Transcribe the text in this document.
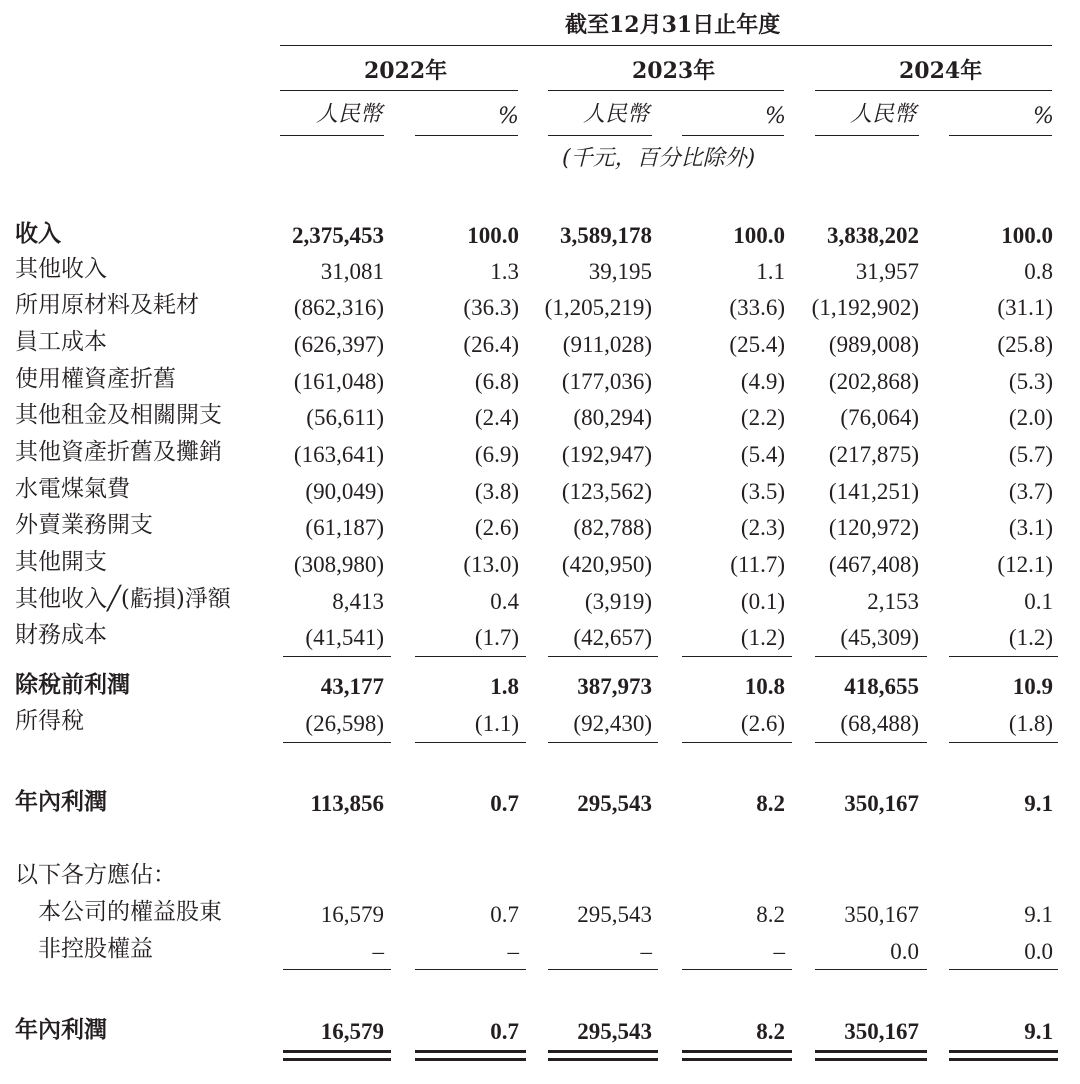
截至12月31日止年度
2022年	2023年	2024年
人民幣	%	人民幣	%	人民幣	%
(千元，百分比除外)
收入	2,375,453	100.0	3,589,178	100.0	3,838,202	100.0
其他收入	31,081	1.3	39,195	1.1	31,957	0.8
所用原材料及耗材	(862,316)	(36.3)	(1,205,219)	(33.6)	(1,192,902)	(31.1)
員工成本	(626,397)	(26.4)	(911,028)	(25.4)	(989,008)	(25.8)
使用權資產折舊	(161,048)	(6.8)	(177,036)	(4.9)	(202,868)	(5.3)
其他租金及相關開支	(56,611)	(2.4)	(80,294)	(2.2)	(76,064)	(2.0)
其他資產折舊及攤銷	(163,641)	(6.9)	(192,947)	(5.4)	(217,875)	(5.7)
水電煤氣費	(90,049)	(3.8)	(123,562)	(3.5)	(141,251)	(3.7)
外賣業務開支	(61,187)	(2.6)	(82,788)	(2.3)	(120,972)	(3.1)
其他開支	(308,980)	(13.0)	(420,950)	(11.7)	(467,408)	(12.1)
其他收入╱(虧損)淨額	8,413	0.4	(3,919)	(0.1)	2,153	0.1
財務成本	(41,541)	(1.7)	(42,657)	(1.2)	(45,309)	(1.2)
除稅前利潤	43,177	1.8	387,973	10.8	418,655	10.9
所得稅	(26,598)	(1.1)	(92,430)	(2.6)	(68,488)	(1.8)
年內利潤	113,856	0.7	295,543	8.2	350,167	9.1
以下各方應佔：
本公司的權益股東	16,579	0.7	295,543	8.2	350,167	9.1
非控股權益	–	–	–	–	0.0	0.0
年內利潤	16,579	0.7	295,543	8.2	350,167	9.1
